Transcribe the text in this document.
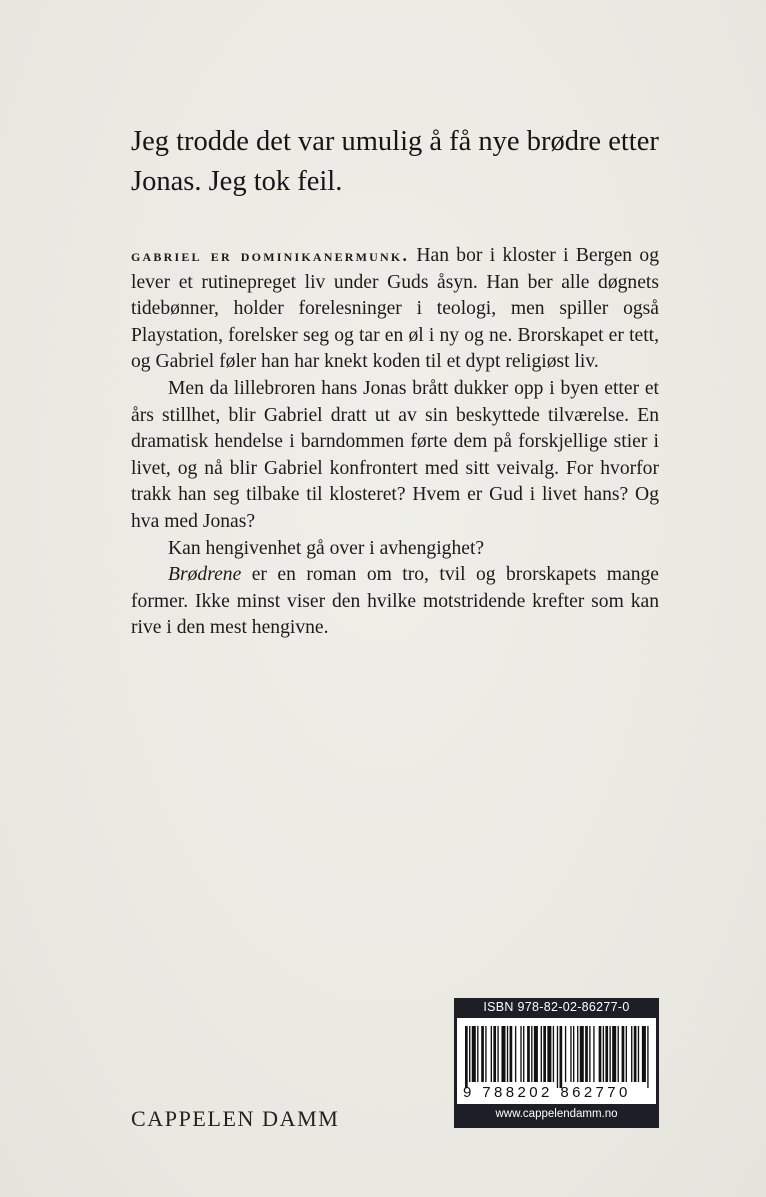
Jeg trodde det var umulig å få nye brødre etter Jonas. Jeg tok feil.

gabriel er dominikanermunk. Han bor i kloster i Bergen og lever et rutinepreget liv under Guds åsyn. Han ber alle døgnets tidebønner, holder forelesninger i teologi, men spiller også Playstation, forelsker seg og tar en øl i ny og ne. Brorskapet er tett, og Gabriel føler han har knekt koden til et dypt religiøst liv.

Men da lillebroren hans Jonas brått dukker opp i byen etter et års stillhet, blir Gabriel dratt ut av sin beskyttede tilværelse. En dramatisk hendelse i barndommen førte dem på forskjellige stier i livet, og nå blir Gabriel konfrontert med sitt veivalg. For hvorfor trakk han seg tilbake til klosteret? Hvem er Gud i livet hans? Og hva med Jonas?

Kan hengivenhet gå over i avhengighet?

Brødrene er en roman om tro, tvil og brorskapets mange former. Ikke minst viser den hvilke motstridende krefter som kan rive i den mest hengivne.

CAPPELEN DAMM
ISBN 978-82-02-86277-0
9 788202 862770
www.cappelendamm.no
